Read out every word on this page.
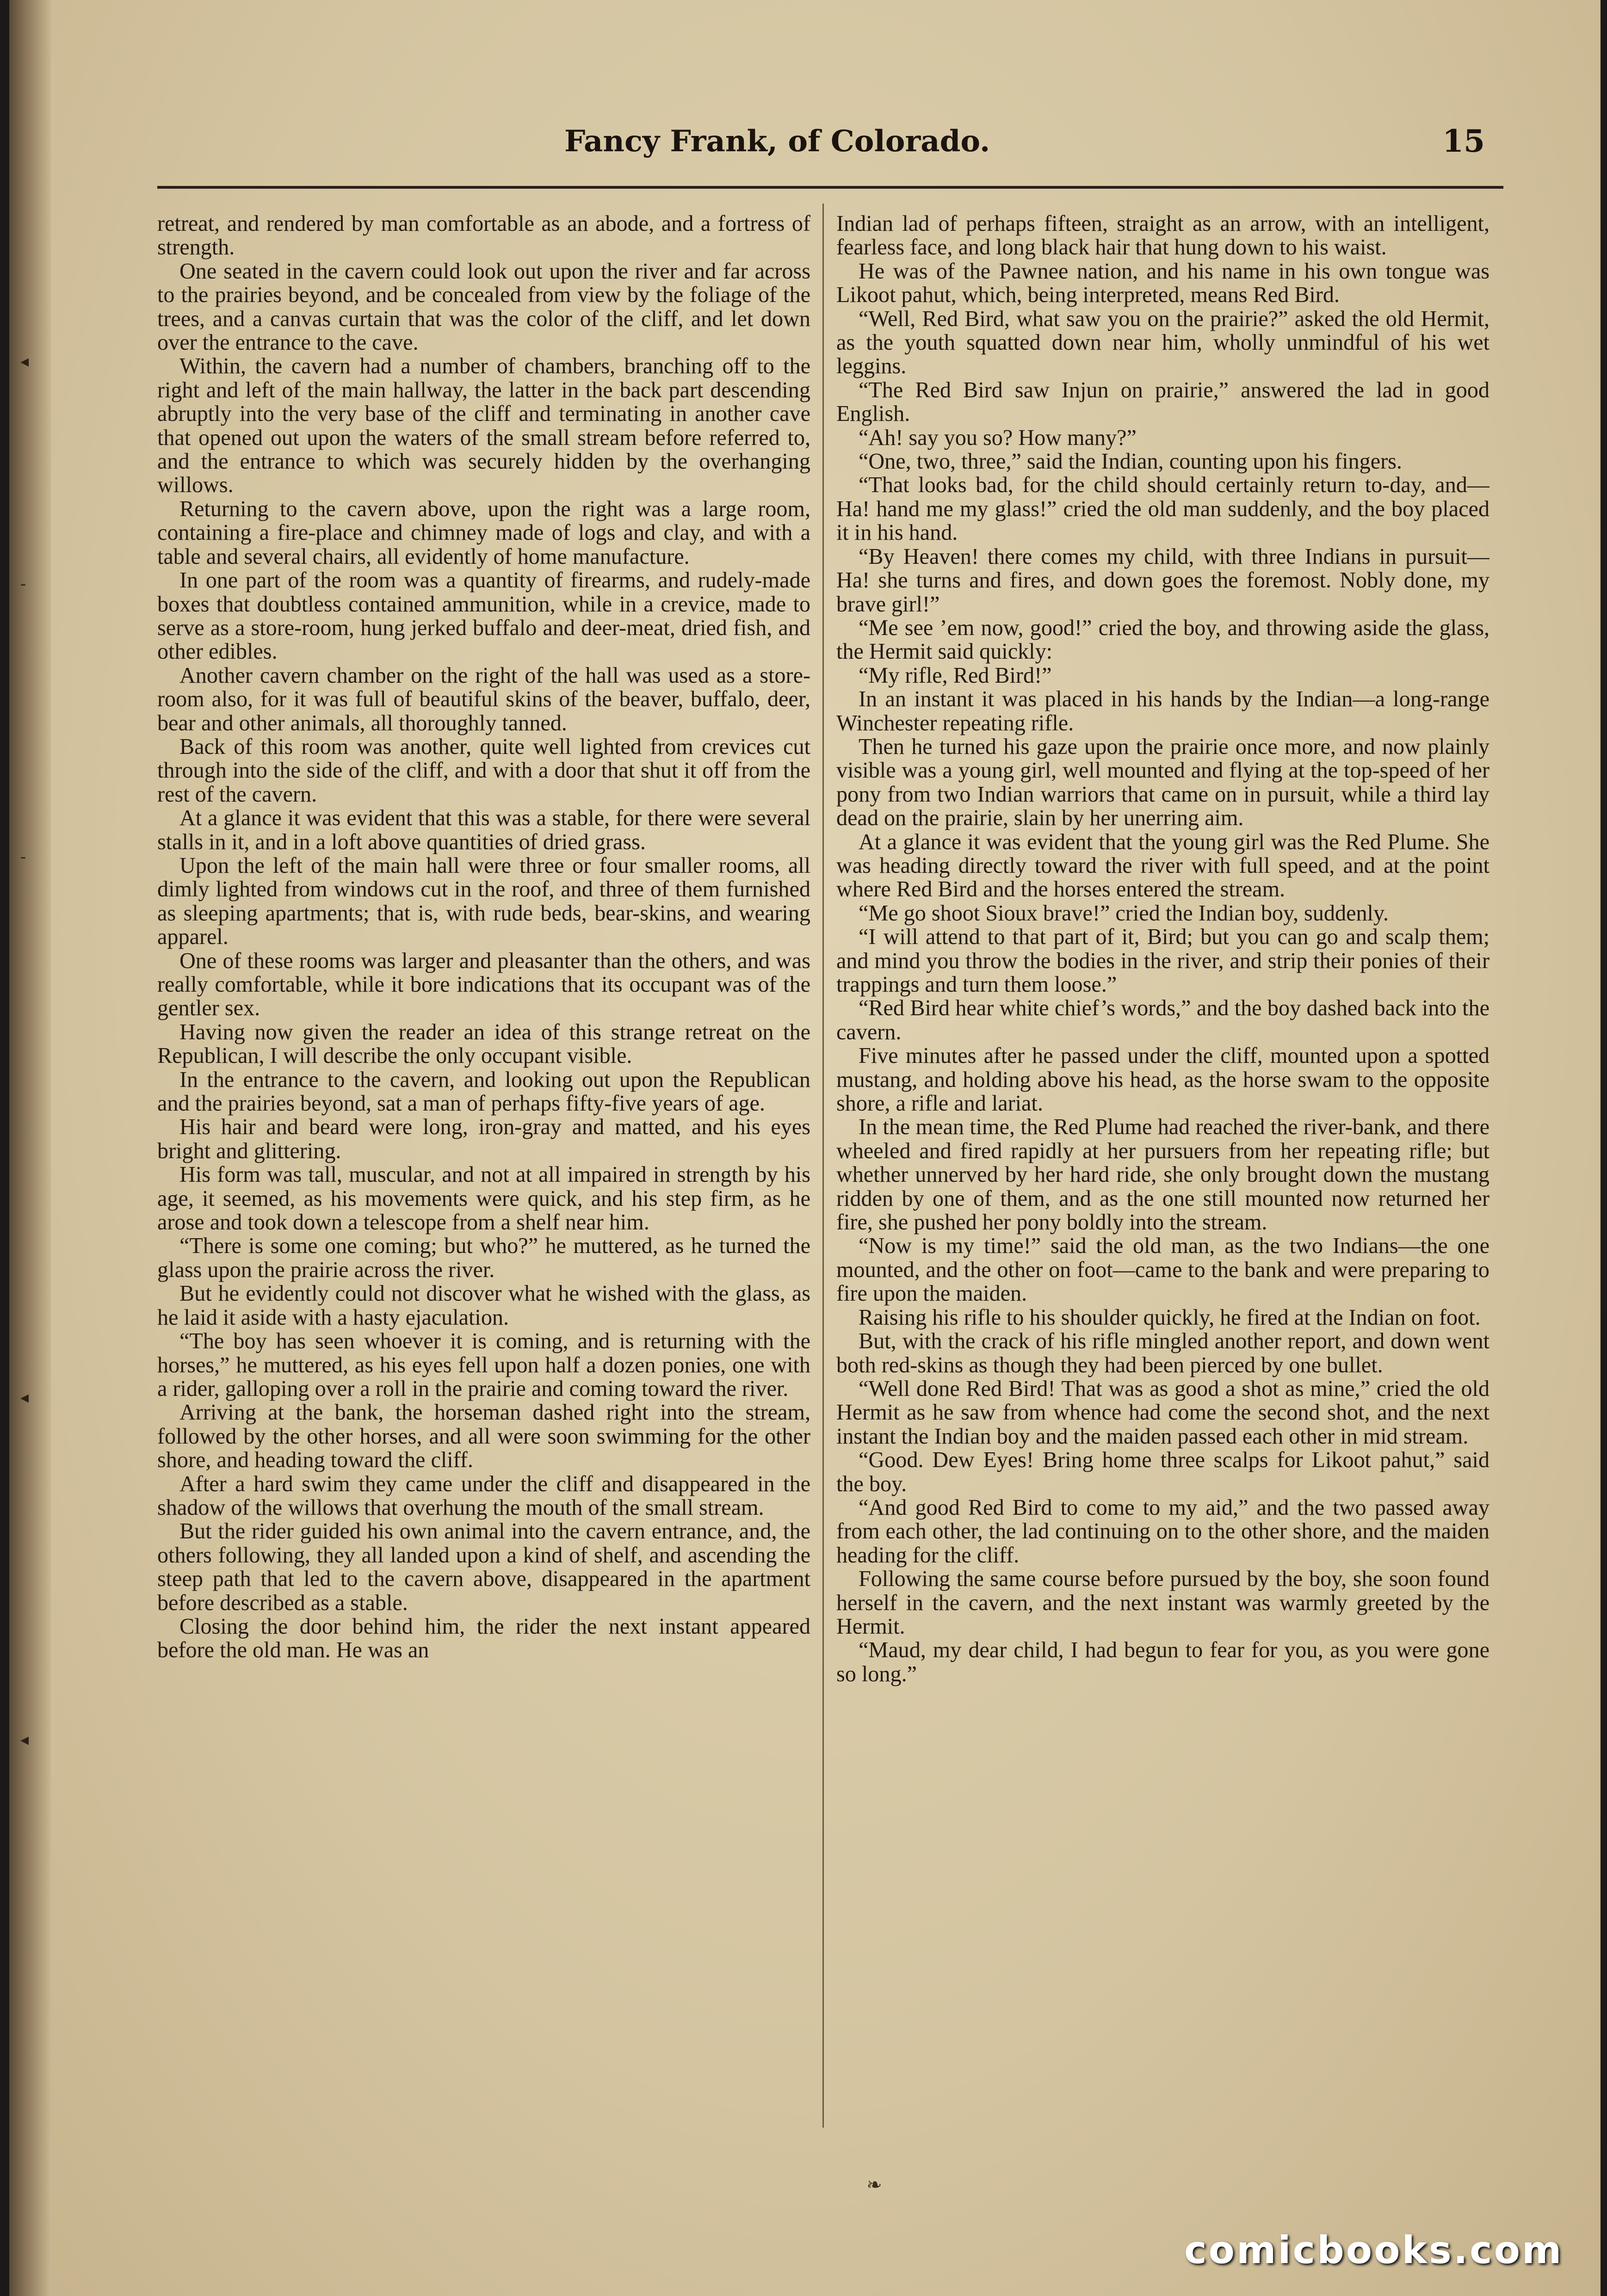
Fancy Frank, of Colorado.	15

retreat, and rendered by man comfortable as an abode, and a fortress of strength.

One seated in the cavern could look out upon the river and far across to the prairies beyond, and be concealed from view by the foliage of the trees, and a canvas curtain that was the color of the cliff, and let down over the entrance to the cave.

Within, the cavern had a number of chambers, branching off to the right and left of the main hallway, the latter in the back part descending abruptly into the very base of the cliff and terminating in another cave that opened out upon the waters of the small stream before referred to, and the entrance to which was securely hidden by the overhanging willows.

Returning to the cavern above, upon the right was a large room, containing a fire-place and chimney made of logs and clay, and with a table and several chairs, all evidently of home manufacture.

In one part of the room was a quantity of firearms, and rudely-made boxes that doubtless contained ammunition, while in a crevice, made to serve as a store-room, hung jerked buffalo and deer-meat, dried fish, and other edibles.

Another cavern chamber on the right of the hall was used as a store-room also, for it was full of beautiful skins of the beaver, buffalo, deer, bear and other animals, all thoroughly tanned.

Back of this room was another, quite well lighted from crevices cut through into the side of the cliff, and with a door that shut it off from the rest of the cavern.

At a glance it was evident that this was a stable, for there were several stalls in it, and in a loft above quantities of dried grass.

Upon the left of the main hall were three or four smaller rooms, all dimly lighted from windows cut in the roof, and three of them furnished as sleeping apartments; that is, with rude beds, bear-skins, and wearing apparel.

One of these rooms was larger and pleasanter than the others, and was really comfortable, while it bore indications that its occupant was of the gentler sex.

Having now given the reader an idea of this strange retreat on the Republican, I will describe the only occupant visible.

In the entrance to the cavern, and looking out upon the Republican and the prairies beyond, sat a man of perhaps fifty-five years of age.

His hair and beard were long, iron-gray and matted, and his eyes bright and glittering.

His form was tall, muscular, and not at all impaired in strength by his age, it seemed, as his movements were quick, and his step firm, as he arose and took down a telescope from a shelf near him.

“There is some one coming; but who?” he muttered, as he turned the glass upon the prairie across the river.

But he evidently could not discover what he wished with the glass, as he laid it aside with a hasty ejaculation.

“The boy has seen whoever it is coming, and is returning with the horses,” he muttered, as his eyes fell upon half a dozen ponies, one with a rider, galloping over a roll in the prairie and coming toward the river.

Arriving at the bank, the horseman dashed right into the stream, followed by the other horses, and all were soon swimming for the other shore, and heading toward the cliff.

After a hard swim they came under the cliff and disappeared in the shadow of the willows that overhung the mouth of the small stream.

But the rider guided his own animal into the cavern entrance, and, the others following, they all landed upon a kind of shelf, and ascending the steep path that led to the cavern above, disappeared in the apartment before described as a stable.

Closing the door behind him, the rider the next instant appeared before the old man. He was an

Indian lad of perhaps fifteen, straight as an arrow, with an intelligent, fearless face, and long black hair that hung down to his waist.

He was of the Pawnee nation, and his name in his own tongue was Likoot pahut, which, being interpreted, means Red Bird.

“Well, Red Bird, what saw you on the prairie?” asked the old Hermit, as the youth squatted down near him, wholly unmindful of his wet leggins.

“The Red Bird saw Injun on prairie,” answered the lad in good English.

“Ah! say you so? How many?”

“One, two, three,” said the Indian, counting upon his fingers.

“That looks bad, for the child should certainly return to-day, and— Ha! hand me my glass!” cried the old man suddenly, and the boy placed it in his hand.

“By Heaven! there comes my child, with three Indians in pursuit— Ha! she turns and fires, and down goes the foremost. Nobly done, my brave girl!”

“Me see ’em now, good!” cried the boy, and throwing aside the glass, the Hermit said quickly:

“My rifle, Red Bird!”

In an instant it was placed in his hands by the Indian—a long-range Winchester repeating rifle.

Then he turned his gaze upon the prairie once more, and now plainly visible was a young girl, well mounted and flying at the top-speed of her pony from two Indian warriors that came on in pursuit, while a third lay dead on the prairie, slain by her unerring aim.

At a glance it was evident that the young girl was the Red Plume. She was heading directly toward the river with full speed, and at the point where Red Bird and the horses entered the stream.

“Me go shoot Sioux brave!” cried the Indian boy, suddenly.

“I will attend to that part of it, Bird; but you can go and scalp them; and mind you throw the bodies in the river, and strip their ponies of their trappings and turn them loose.”

“Red Bird hear white chief’s words,” and the boy dashed back into the cavern.

Five minutes after he passed under the cliff, mounted upon a spotted mustang, and holding above his head, as the horse swam to the opposite shore, a rifle and lariat.

In the mean time, the Red Plume had reached the river-bank, and there wheeled and fired rapidly at her pursuers from her repeating rifle; but whether unnerved by her hard ride, she only brought down the mustang ridden by one of them, and as the one still mounted now returned her fire, she pushed her pony boldly into the stream.

“Now is my time!” said the old man, as the two Indians—the one mounted, and the other on foot—came to the bank and were preparing to fire upon the maiden.

Raising his rifle to his shoulder quickly, he fired at the Indian on foot.

But, with the crack of his rifle mingled another report, and down went both red-skins as though they had been pierced by one bullet.

“Well done Red Bird! That was as good a shot as mine,” cried the old Hermit as he saw from whence had come the second shot, and the next instant the Indian boy and the maiden passed each other in mid stream.

“Good. Dew Eyes! Bring home three scalps for Likoot pahut,” said the boy.

“And good Red Bird to come to my aid,” and the two passed away from each other, the lad continuing on to the other shore, and the maiden heading for the cliff.

Following the same course before pursued by the boy, she soon found herself in the cavern, and the next instant was warmly greeted by the Hermit.

“Maud, my dear child, I had begun to fear for you, as you were gone so long.”

comicbooks.com
